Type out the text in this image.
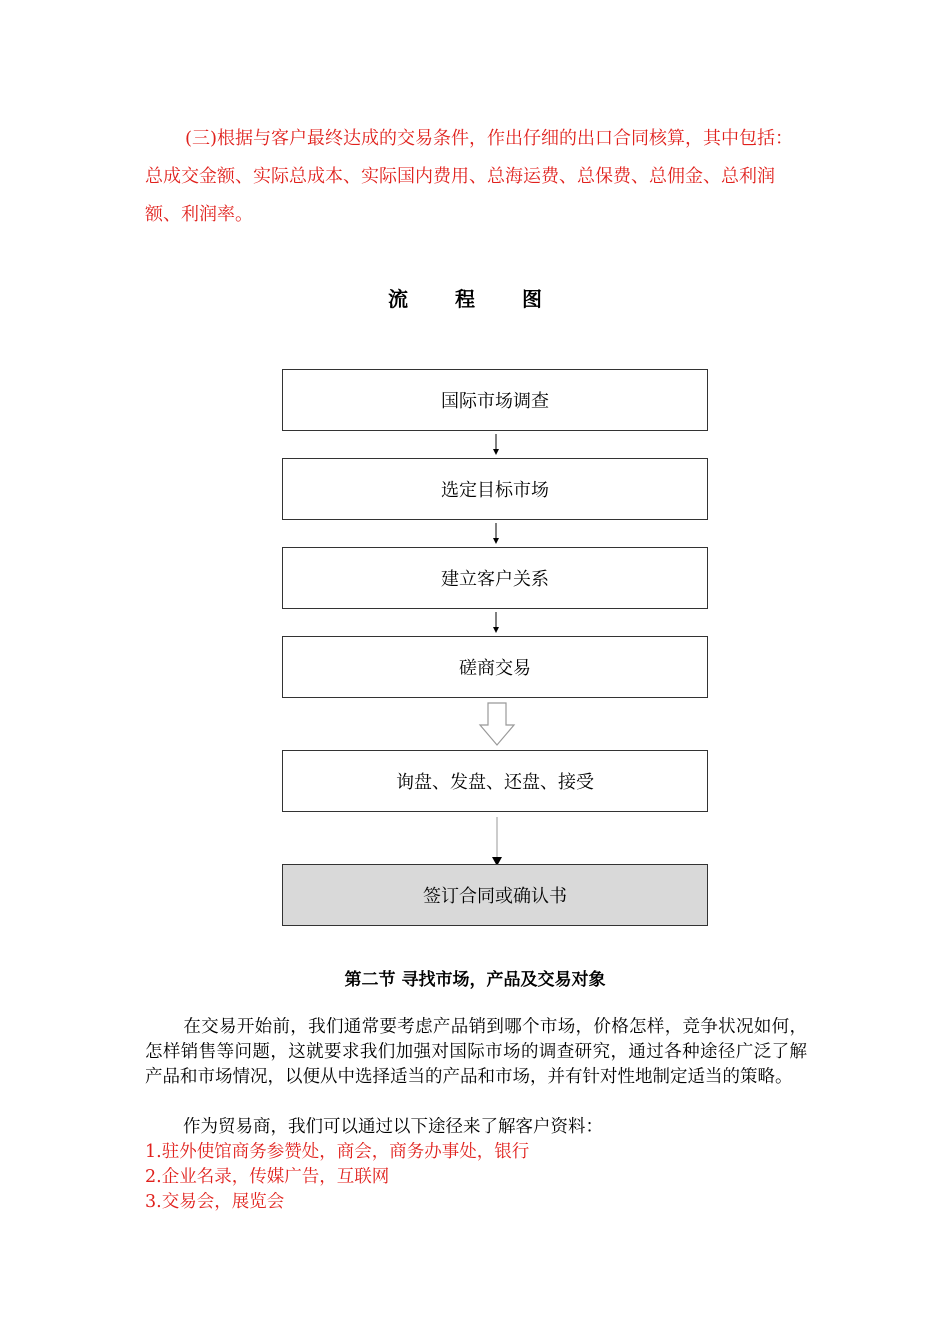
(三)根据与客户最终达成的交易条件，作出仔细的出口合同核算，其中包括：总成交金额、实际总成本、实际国内费用、总海运费、总保费、总佣金、总利润额、利润率。

流 程 图
国际市场调查
选定目标市场
建立客户关系
磋商交易
询盘、发盘、还盘、接受
签订合同或确认书
第二节 寻找市场，产品及交易对象

在交易开始前，我们通常要考虑产品销到哪个市场，价格怎样，竞争状况如何，怎样销售等问题，这就要求我们加强对国际市场的调查研究，通过各种途径广泛了解产品和市场情况，以便从中选择适当的产品和市场，并有针对性地制定适当的策略。

作为贸易商，我们可以通过以下途径来了解客户资料：

1.驻外使馆商务参赞处，商会，商务办事处，银行

2.企业名录，传媒广告，互联网

3.交易会，展览会
